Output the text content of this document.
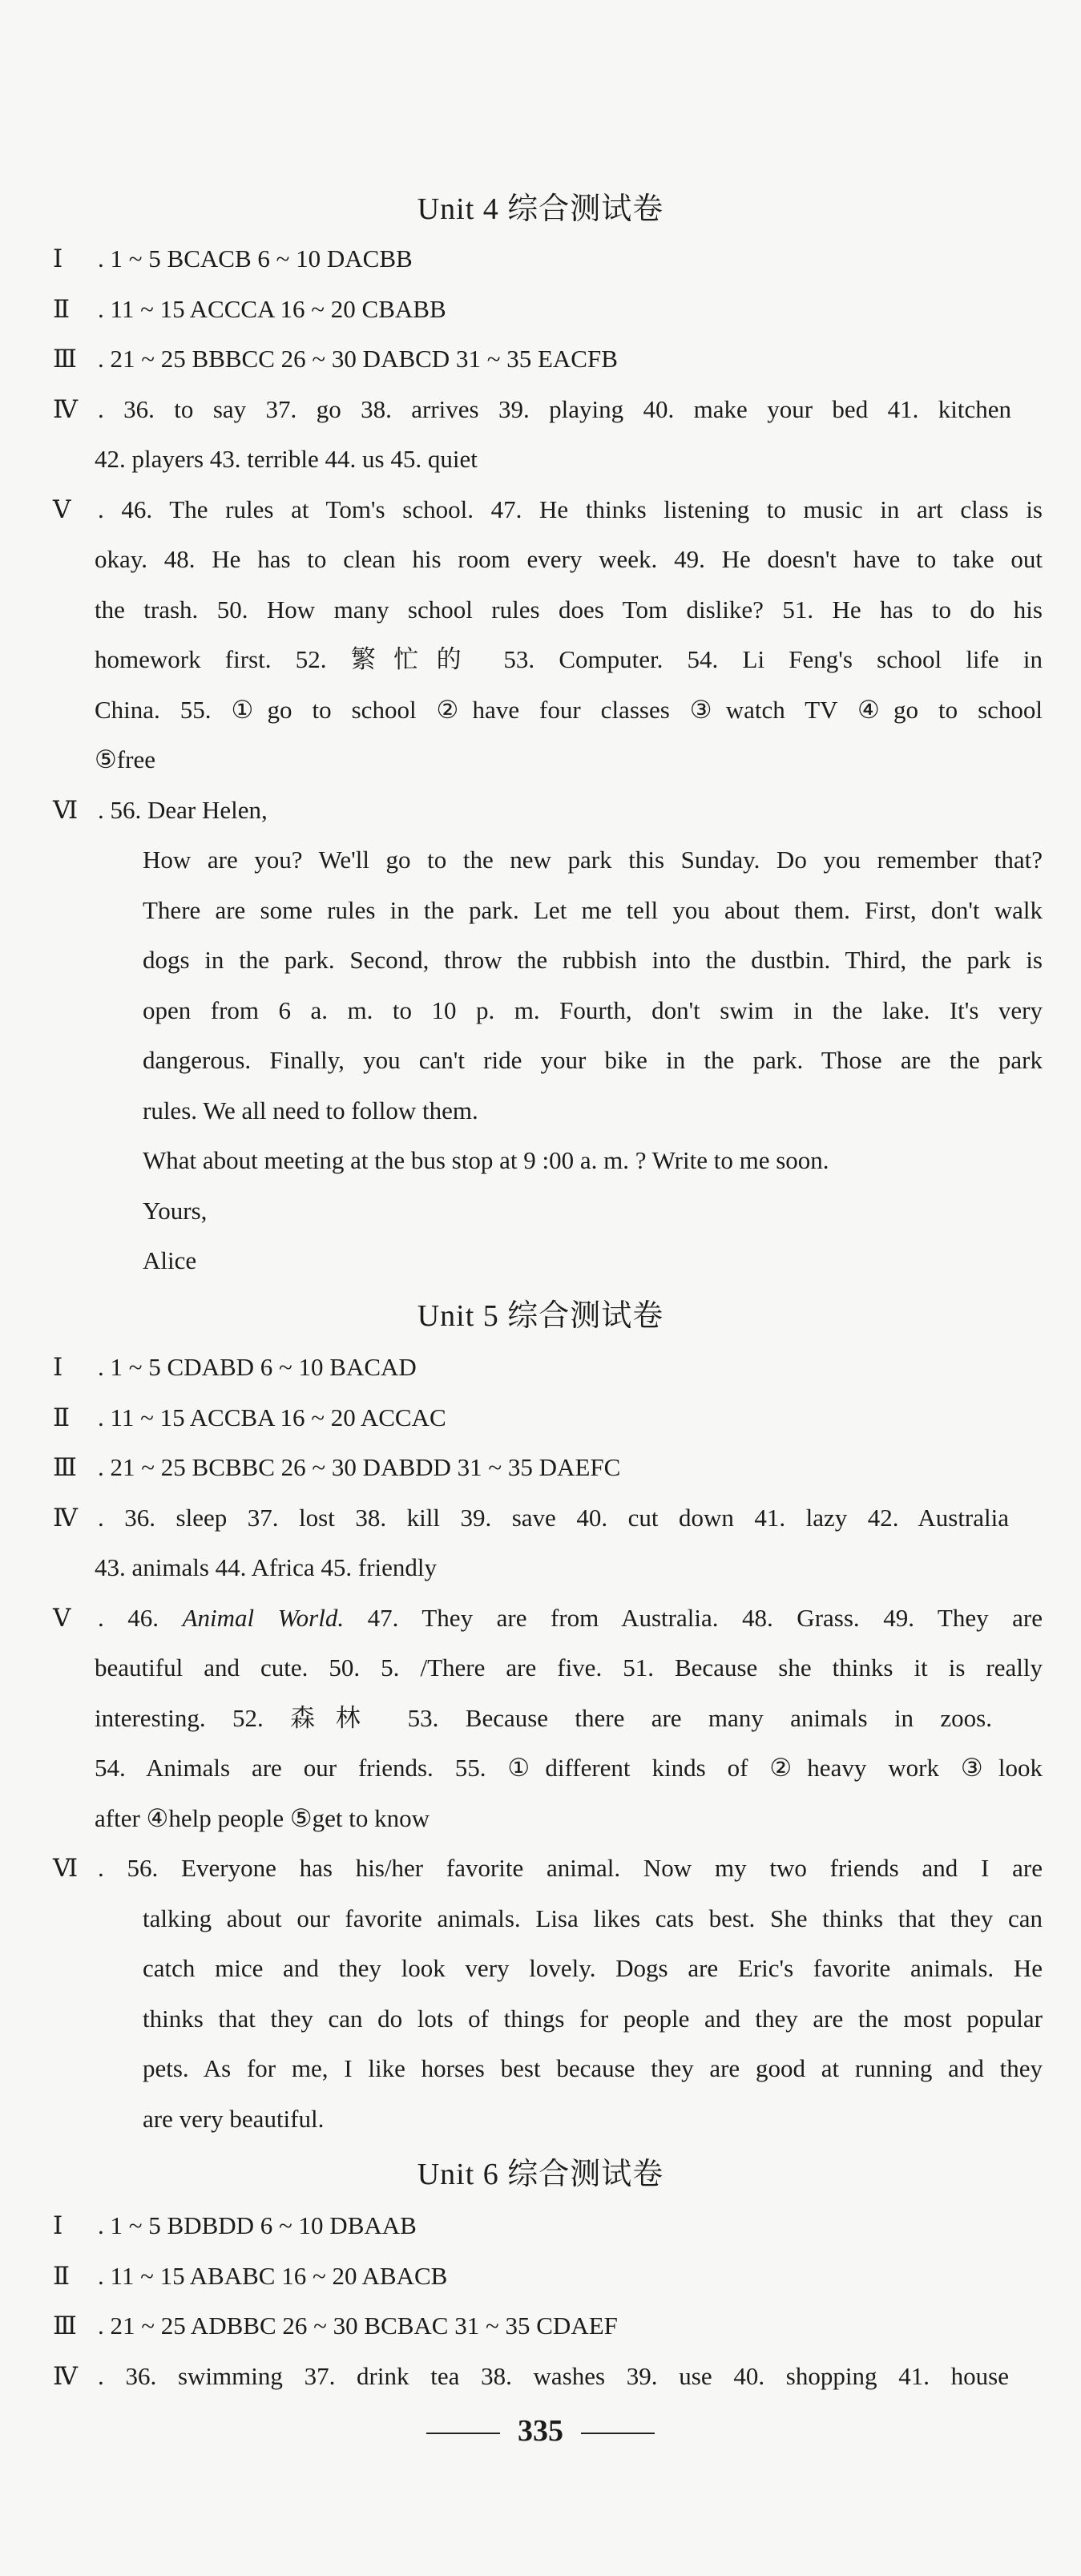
Unit 4 综合测试卷
Ⅰ . 1 ~ 5 BCACB 6 ~ 10 DACBB
Ⅱ . 11 ~ 15 ACCCA 16 ~ 20 CBABB
Ⅲ . 21 ~ 25 BBBCC 26 ~ 30 DABCD 31 ~ 35 EACFB
Ⅳ . 36. to say 37. go 38. arrives 39. playing 40. make your bed 41. kitchen
42. players 43. terrible 44. us 45. quiet
Ⅴ . 46. The rules at Tom's school. 47. He thinks listening to music in art class is
okay. 48. He has to clean his room every week. 49. He doesn't have to take out
the trash. 50. How many school rules does Tom dislike? 51. He has to do his
homework first. 52. 繁忙的 53. Computer. 54. Li Feng's school life in
China. 55. ①go to school ②have four classes ③watch TV ④go to school
⑤free
Ⅵ . 56. Dear Helen,
How are you? We'll go to the new park this Sunday. Do you remember that?
There are some rules in the park. Let me tell you about them. First, don't walk
dogs in the park. Second, throw the rubbish into the dustbin. Third, the park is
open from 6 a. m. to 10 p. m. Fourth, don't swim in the lake. It's very
dangerous. Finally, you can't ride your bike in the park. Those are the park
rules. We all need to follow them.
What about meeting at the bus stop at 9 :00 a. m. ? Write to me soon.
Yours,
Alice
Unit 5 综合测试卷
Ⅰ . 1 ~ 5 CDABD 6 ~ 10 BACAD
Ⅱ . 11 ~ 15 ACCBA 16 ~ 20 ACCAC
Ⅲ . 21 ~ 25 BCBBC 26 ~ 30 DABDD 31 ~ 35 DAEFC
Ⅳ . 36. sleep 37. lost 38. kill 39. save 40. cut down 41. lazy 42. Australia
43. animals 44. Africa 45. friendly
Ⅴ . 46. Animal World. 47. They are from Australia. 48. Grass. 49. They are
beautiful and cute. 50. 5. /There are five. 51. Because she thinks it is really
interesting. 52. 森林 53. Because there are many animals in zoos.
54. Animals are our friends. 55. ①different kinds of ②heavy work ③look
after ④help people ⑤get to know
Ⅵ . 56. Everyone has his/her favorite animal. Now my two friends and I are
talking about our favorite animals. Lisa likes cats best. She thinks that they can
catch mice and they look very lovely. Dogs are Eric's favorite animals. He
thinks that they can do lots of things for people and they are the most popular
pets. As for me, I like horses best because they are good at running and they
are very beautiful.
Unit 6 综合测试卷
Ⅰ . 1 ~ 5 BDBDD 6 ~ 10 DBAAB
Ⅱ . 11 ~ 15 ABABC 16 ~ 20 ABACB
Ⅲ . 21 ~ 25 ADBBC 26 ~ 30 BCBAC 31 ~ 35 CDAEF
Ⅳ . 36. swimming 37. drink tea 38. washes 39. use 40. shopping 41. house
335
